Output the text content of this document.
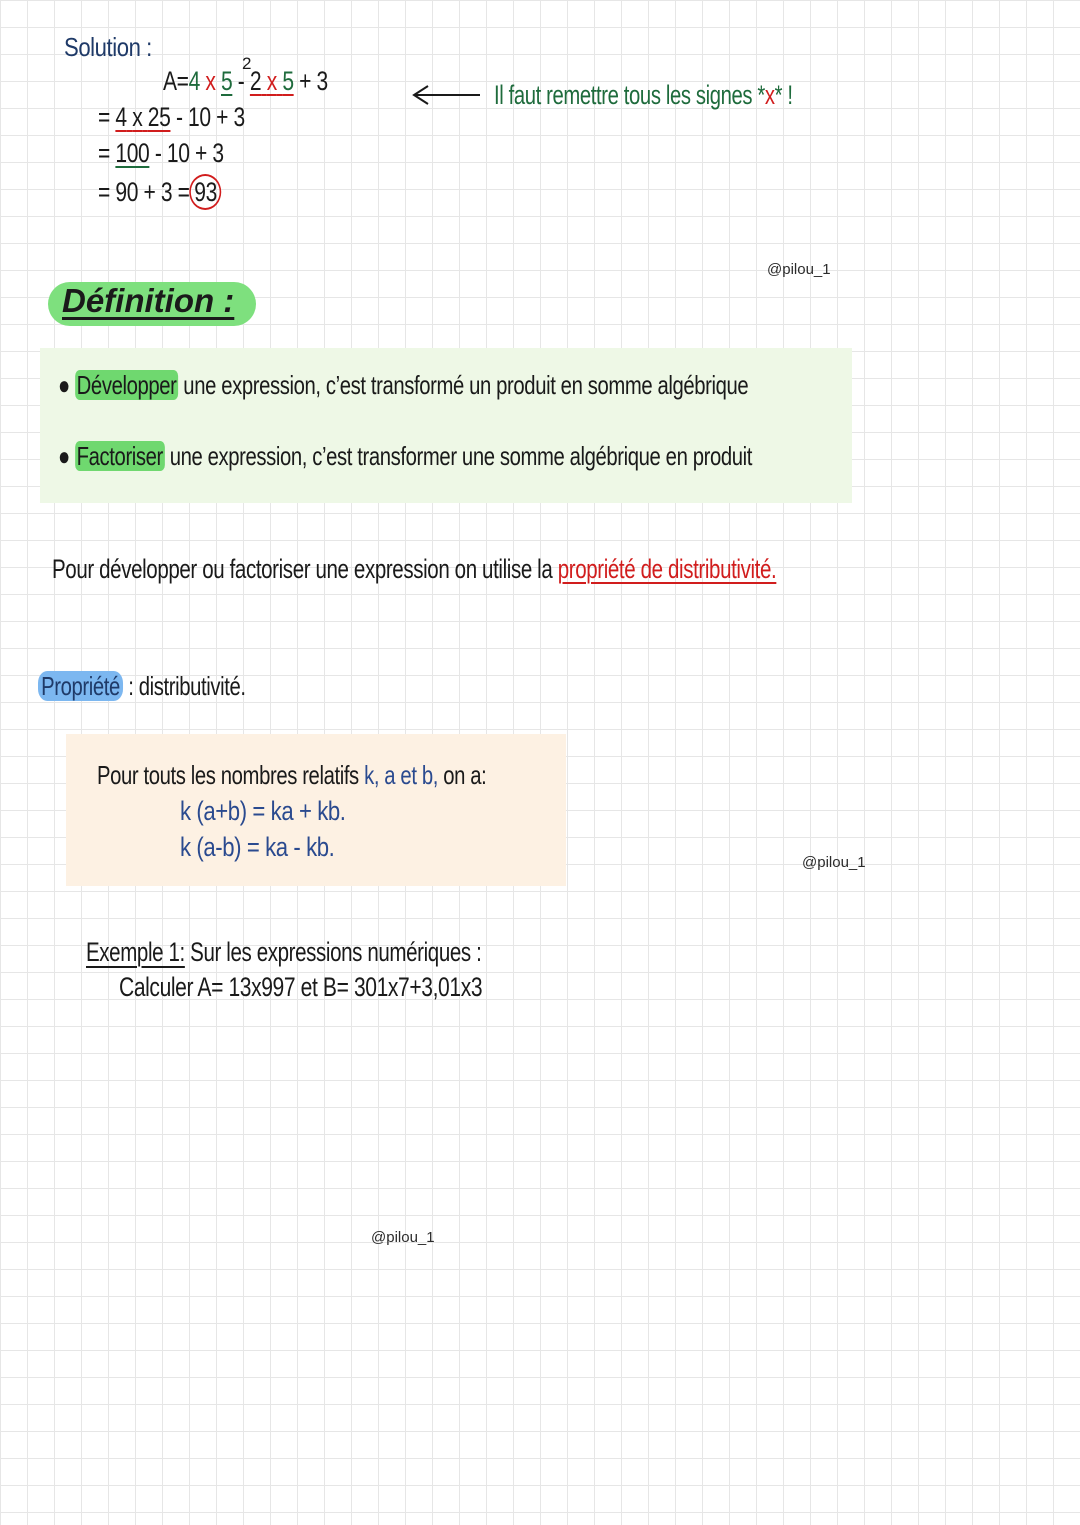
Solution :
2
A=4 x 5 - 2 x 5 + 3
= 4 x 25 - 10 + 3
= 100 - 10 + 3
= 90 + 3 = 93
Il faut remettre tous les signes *x* !
@pilou_1
Définition :
● Développer une expression, c’est transformé un produit en somme algébrique
● Factoriser une expression, c’est transformer une somme algébrique en produit
Pour développer ou factoriser une expression on utilise la propriété de distributivité.
Propriété : distributivité.
Pour touts les nombres relatifs k, a et b, on a:
k (a+b) = ka + kb.
k (a-b) = ka - kb.
@pilou_1
Exemple 1: Sur les expressions numériques :
Calculer A= 13x997 et B= 301x7+3,01x3
@pilou_1
